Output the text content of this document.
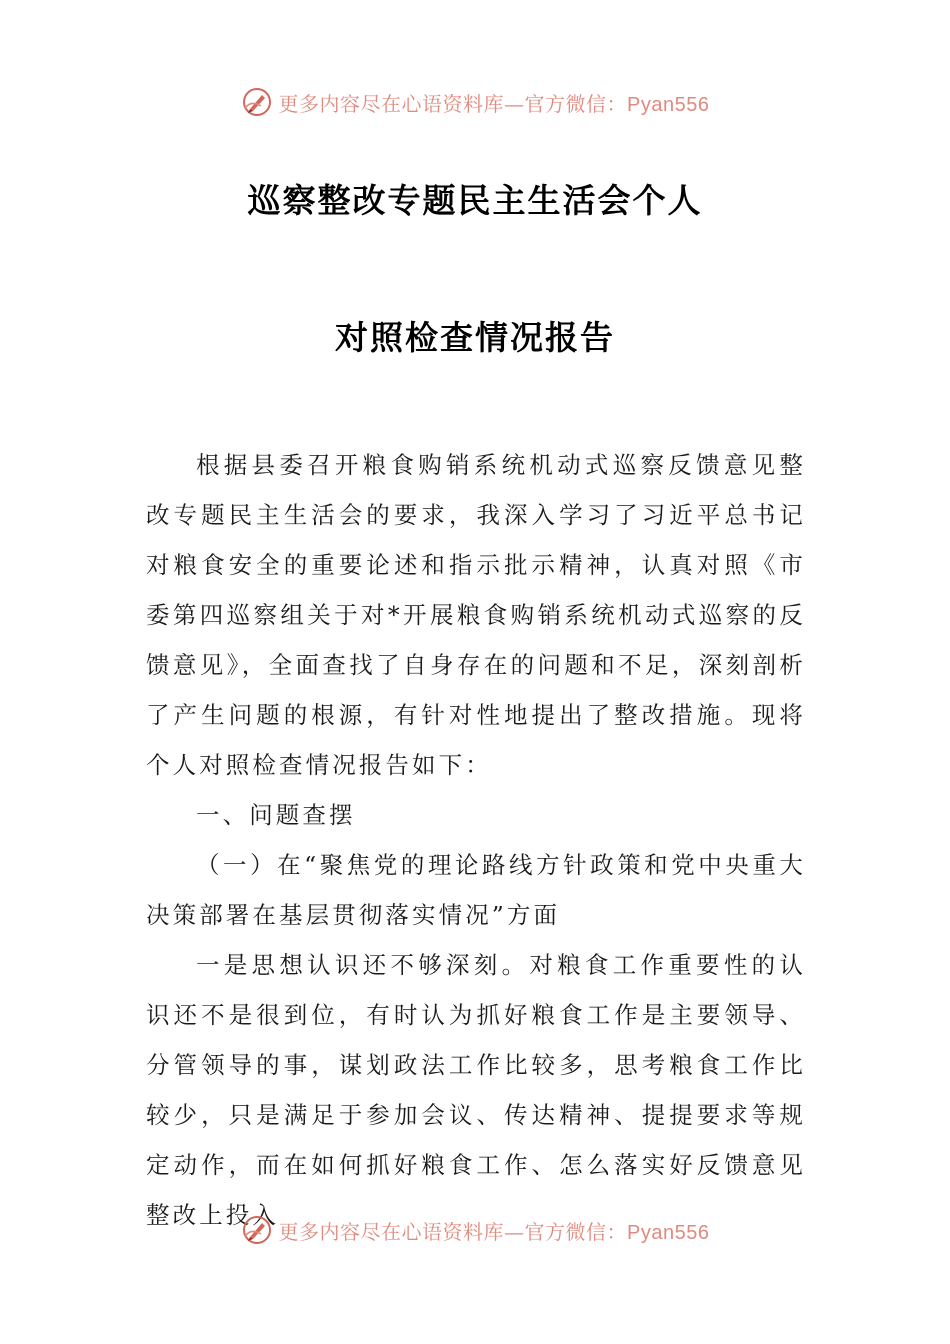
更多内容尽在心语资料库—官方微信：Pyan556
巡察整改专题民主生活会个人
对照检查情况报告

根据县委召开粮食购销系统机动式巡察反馈意见整改专题民主生活会的要求，我深入学习了习近平总书记对粮食安全的重要论述和指示批示精神，认真对照《市委第四巡察组关于对*开展粮食购销系统机动式巡察的反馈意见》，全面查找了自身存在的问题和不足，深刻剖析了产生问题的根源，有针对性地提出了整改措施。现将个人对照检查情况报告如下：

一、问题查摆

（一）在“聚焦党的理论路线方针政策和党中央重大决策部署在基层贯彻落实情况”方面

一是思想认识还不够深刻。对粮食工作重要性的认识还不是很到位，有时认为抓好粮食工作是主要领导、分管领导的事，谋划政法工作比较多，思考粮食工作比较少，只是满足于参加会议、传达精神、提提要求等规定动作，而在如何抓好粮食工作、怎么落实好反馈意见整改上投入

更多内容尽在心语资料库—官方微信：Pyan556
